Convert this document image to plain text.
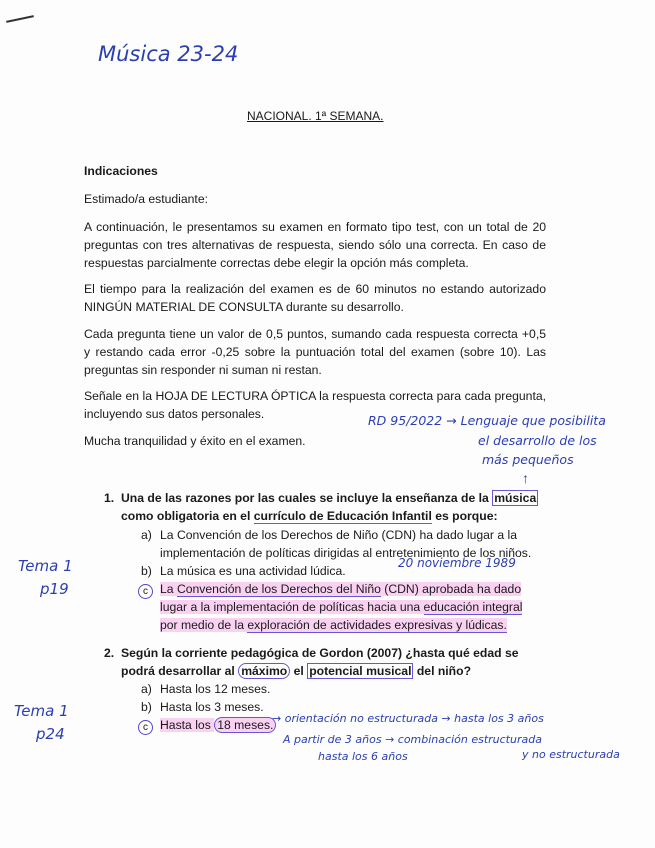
Música 23-24
NACIONAL. 1ª SEMANA.
Indicaciones
Estimado/a estudiante:
A continuación, le presentamos su examen en formato tipo test, con un total de 20 preguntas con tres alternativas de respuesta, siendo sólo una correcta. En caso de respuestas parcialmente correctas debe elegir la opción más completa.
El tiempo para la realización del examen es de 60 minutos no estando autorizado NINGÚN MATERIAL DE CONSULTA durante su desarrollo.
Cada pregunta tiene un valor de 0,5 puntos, sumando cada respuesta correcta +0,5 y restando cada error -0,25 sobre la puntuación total del examen (sobre 10). Las preguntas sin responder ni suman ni restan.
Señale en la HOJA DE LECTURA ÓPTICA la respuesta correcta para cada pregunta, incluyendo sus datos personales.
Mucha tranquilidad y éxito en el examen.
RD 95/2022 → Lenguaje que posibilita
el desarrollo de los
más pequeños
↑
1. Una de las razones por las cuales se incluye la enseñanza de la música
como obligatoria en el currículo de Educación Infantil es porque:
a) La Convención de los Derechos de Niño (CDN) ha dado lugar a la
implementación de políticas dirigidas al entretenimiento de los niños.
b) La música es una actividad lúdica.
20 noviembre 1989
c La Convención de los Derechos del Niño (CDN) aprobada ha dado
lugar a la implementación de políticas hacia una educación integral
por medio de la exploración de actividades expresivas y lúdicas.
Tema 1
p19
2. Según la corriente pedagógica de Gordon (2007) ¿hasta qué edad se
podrá desarrollar al máximo el potencial musical del niño?
a) Hasta los 12 meses.
b) Hasta los 3 meses.
c Hasta los 18 meses.
→ orientación no estructurada → hasta los 3 años
A partir de 3 años → combinación estructurada
hasta los 6 años	y no estructurada
Tema 1
p24
